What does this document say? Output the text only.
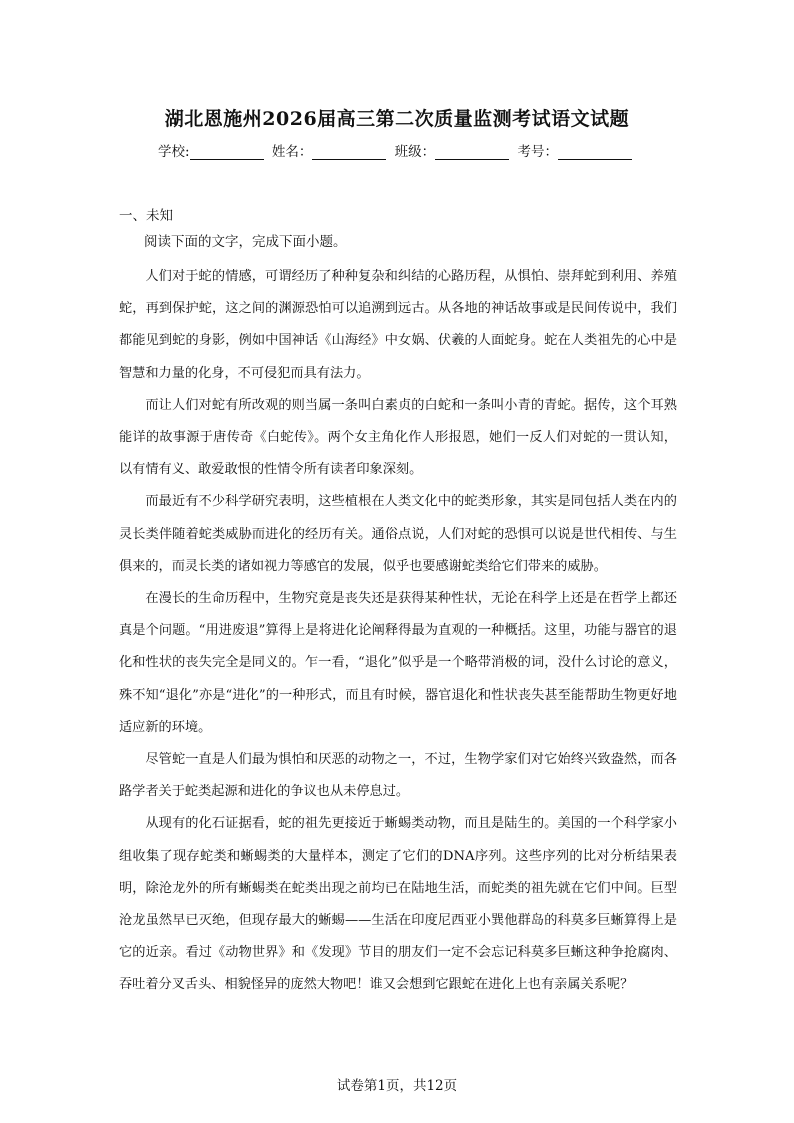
湖北恩施州2026届高三第二次质量监测考试语文试题
学校:	姓名：	班级：	考号：
一、未知
阅读下面的文字，完成下面小题。

人们对于蛇的情感，可谓经历了种种复杂和纠结的心路历程，从惧怕、崇拜蛇到利用、养殖蛇，再到保护蛇，这之间的渊源恐怕可以追溯到远古。从各地的神话故事或是民间传说中，我们都能见到蛇的身影，例如中国神话《山海经》中女娲、伏羲的人面蛇身。蛇在人类祖先的心中是智慧和力量的化身，不可侵犯而具有法力。

而让人们对蛇有所改观的则当属一条叫白素贞的白蛇和一条叫小青的青蛇。据传，这个耳熟能详的故事源于唐传奇《白蛇传》。两个女主角化作人形报恩，她们一反人们对蛇的一贯认知，以有情有义、敢爱敢恨的性情令所有读者印象深刻。

而最近有不少科学研究表明，这些植根在人类文化中的蛇类形象，其实是同包括人类在内的灵长类伴随着蛇类威胁而进化的经历有关。通俗点说，人们对蛇的恐惧可以说是世代相传、与生俱来的，而灵长类的诸如视力等感官的发展，似乎也要感谢蛇类给它们带来的威胁。

在漫长的生命历程中，生物究竟是丧失还是获得某种性状，无论在科学上还是在哲学上都还真是个问题。“用进废退”算得上是将进化论阐释得最为直观的一种概括。这里，功能与器官的退化和性状的丧失完全是同义的。乍一看，“退化”似乎是一个略带消极的词，没什么讨论的意义，殊不知“退化”亦是“进化”的一种形式，而且有时候，器官退化和性状丧失甚至能帮助生物更好地适应新的环境。

尽管蛇一直是人们最为惧怕和厌恶的动物之一，不过，生物学家们对它始终兴致盎然，而各路学者关于蛇类起源和进化的争议也从未停息过。

从现有的化石证据看，蛇的祖先更接近于蜥蜴类动物，而且是陆生的。美国的一个科学家小组收集了现存蛇类和蜥蜴类的大量样本，测定了它们的DNA序列。这些序列的比对分析结果表明，除沧龙外的所有蜥蜴类在蛇类出现之前均已在陆地生活，而蛇类的祖先就在它们中间。巨型沧龙虽然早已灭绝，但现存最大的蜥蜴——生活在印度尼西亚小巽他群岛的科莫多巨蜥算得上是它的近亲。看过《动物世界》和《发现》节目的朋友们一定不会忘记科莫多巨蜥这种争抢腐肉、吞吐着分叉舌头、相貌怪异的庞然大物吧！谁又会想到它跟蛇在进化上也有亲属关系呢？

试卷第1页，共12页
